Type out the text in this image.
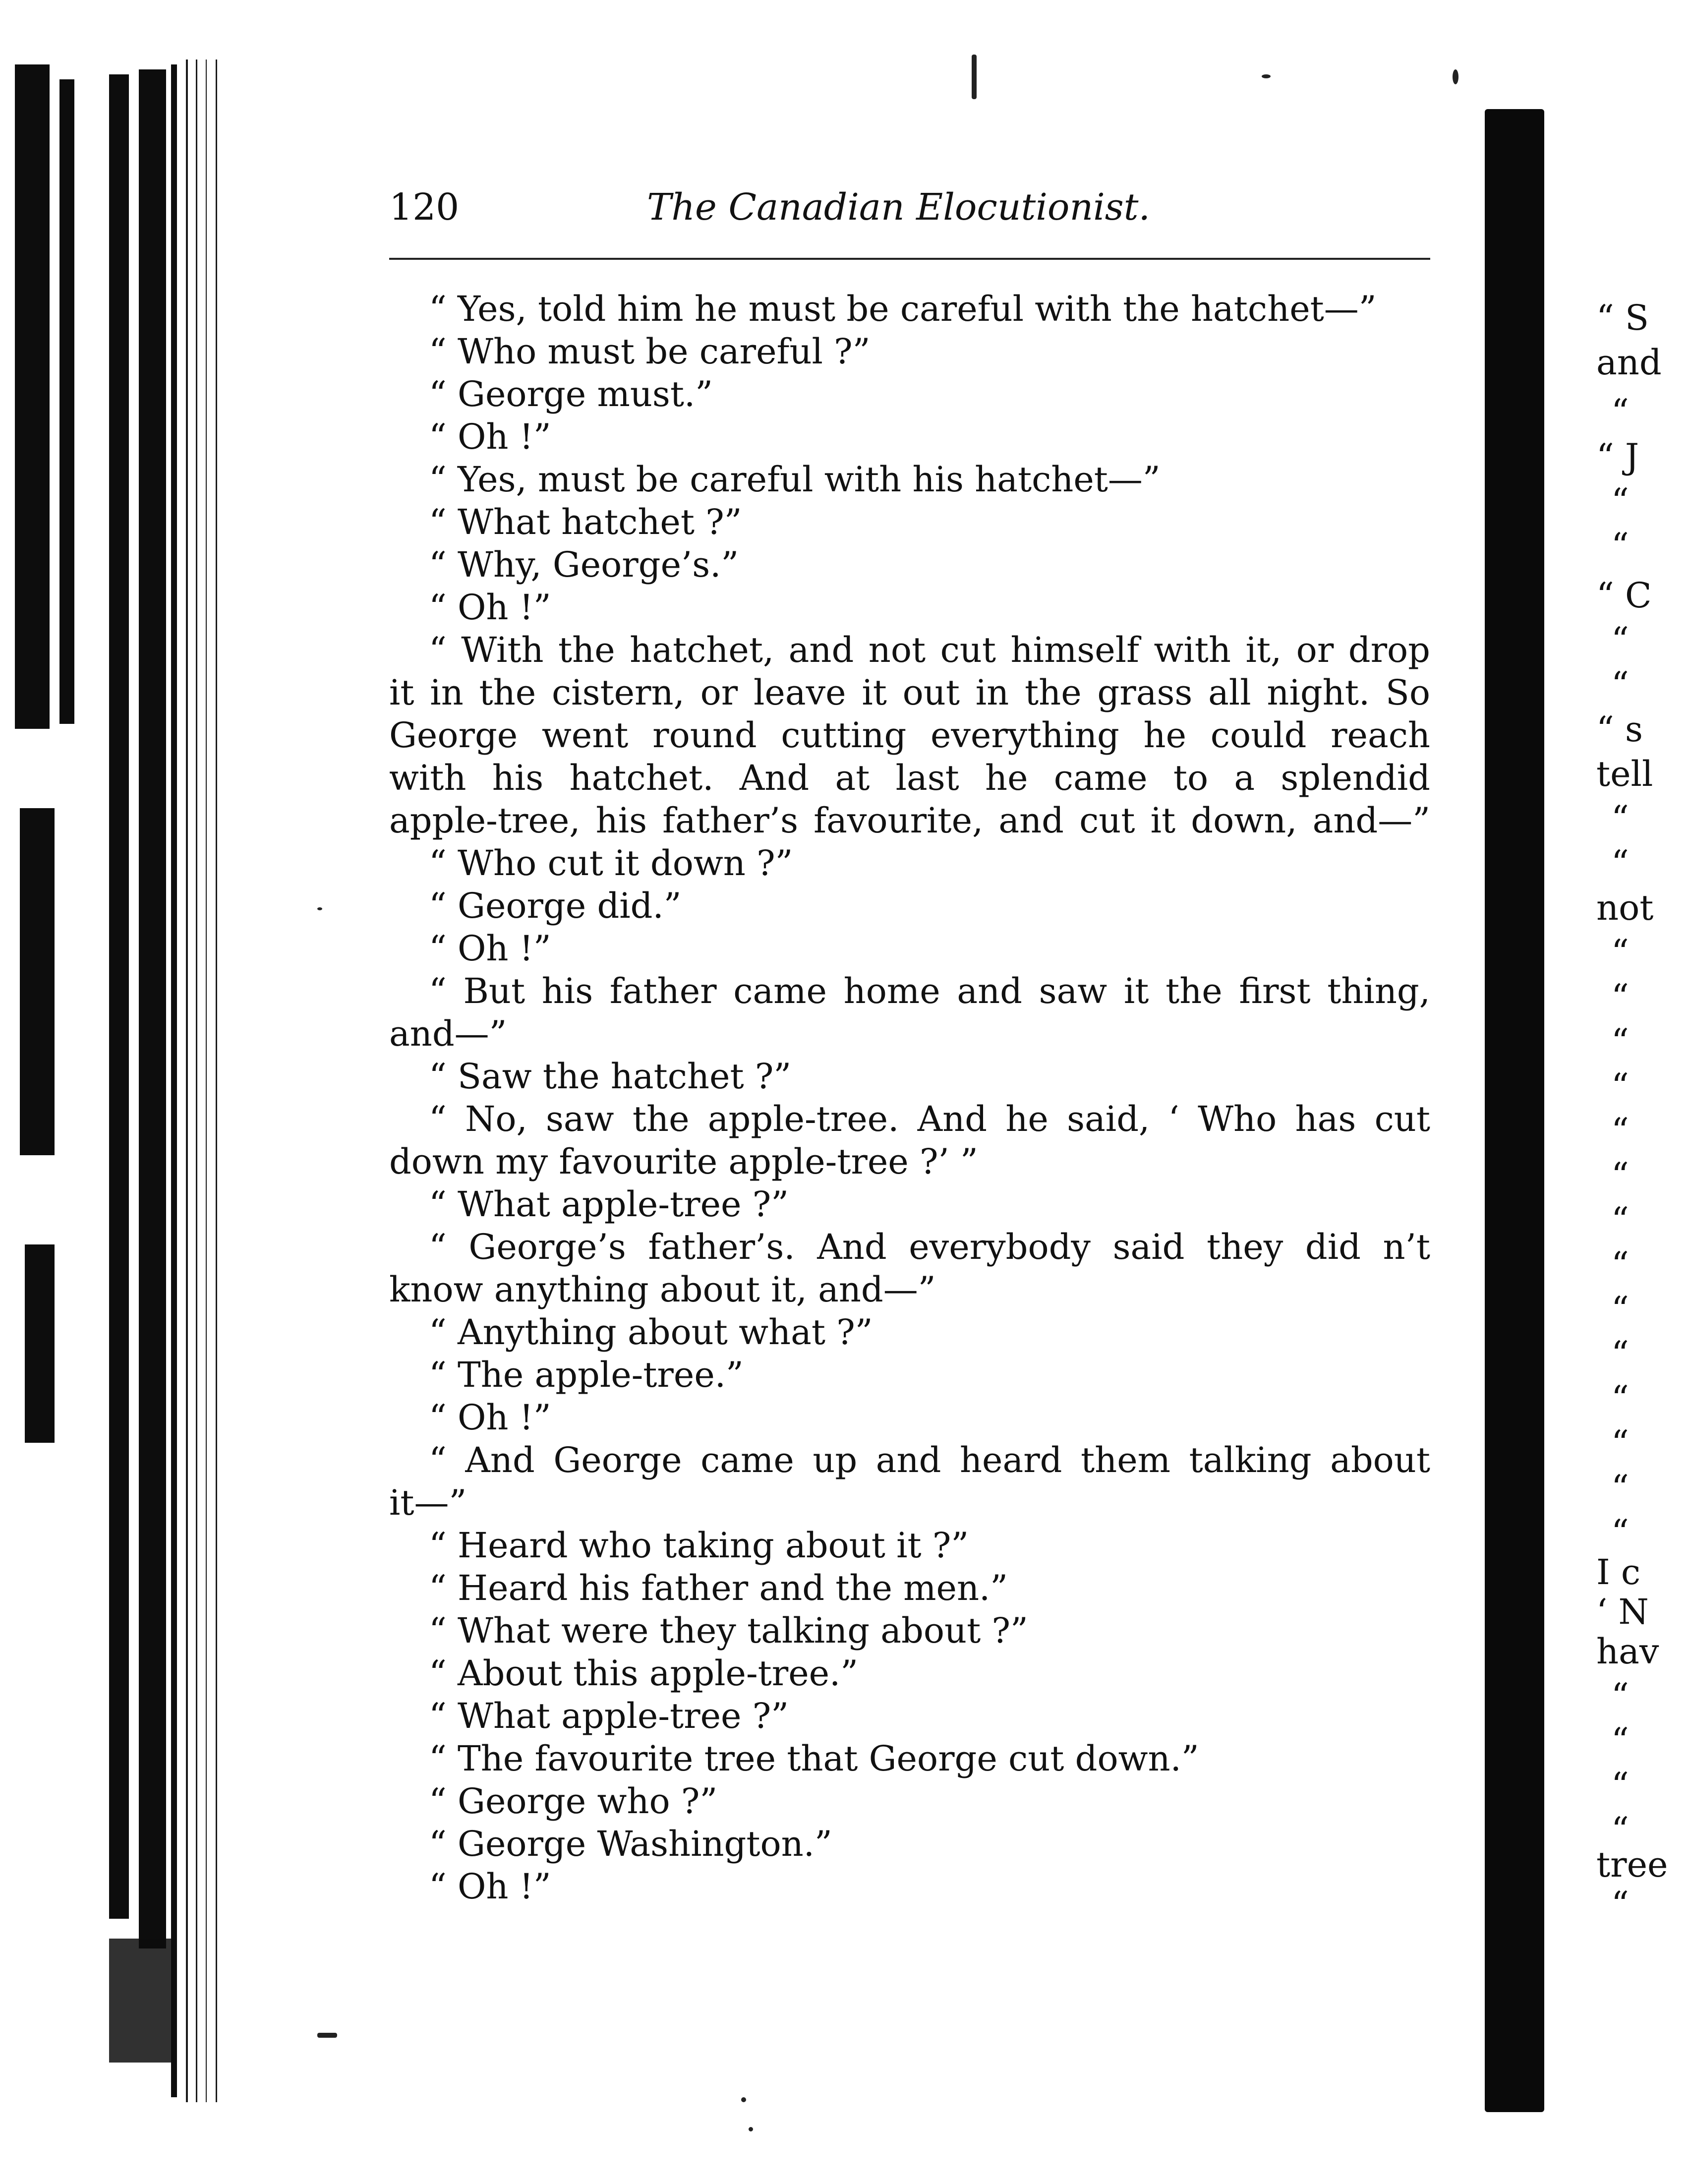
120	The Canadian Elocutionist.
“ Yes, told him he must be careful with the hatchet—”
“ Who must be careful ?”
“ George must.”
“ Oh !”
“ Yes, must be careful with his hatchet—”
“ What hatchet ?”
“ Why, George’s.”
“ Oh !”
“ With the hatchet, and not cut himself with it, or drop
it in the cistern, or leave it out in the grass all night. So
George went round cutting everything he could reach
with his hatchet. And at last he came to a splendid
apple-tree, his father’s favourite, and cut it down, and—”
“ Who cut it down ?”
“ George did.”
“ Oh !”
“ But his father came home and saw it the first thing,
and—”
“ Saw the hatchet ?”
“ No, saw the apple-tree. And he said, ‘ Who has cut
down my favourite apple-tree ?’ ”
“ What apple-tree ?”
“ George’s father’s. And everybody said they did n’t
know anything about it, and—”
“ Anything about what ?”
“ The apple-tree.”
“ Oh !”
“ And George came up and heard them talking about
it—”
“ Heard who taking about it ?”
“ Heard his father and the men.”
“ What were they talking about ?”
“ About this apple-tree.”
“ What apple-tree ?”
“ The favourite tree that George cut down.”
“ George who ?”
“ George Washington.”
“ Oh !”
“ S
and
“
“ J
“
“
“ C
“
“
“ s
tell
“
“
not
“
“
“
“
“
“
“
“
“
“
“
“
“
“
I c
‘ N
hav
“
“
“
“
tree
“
